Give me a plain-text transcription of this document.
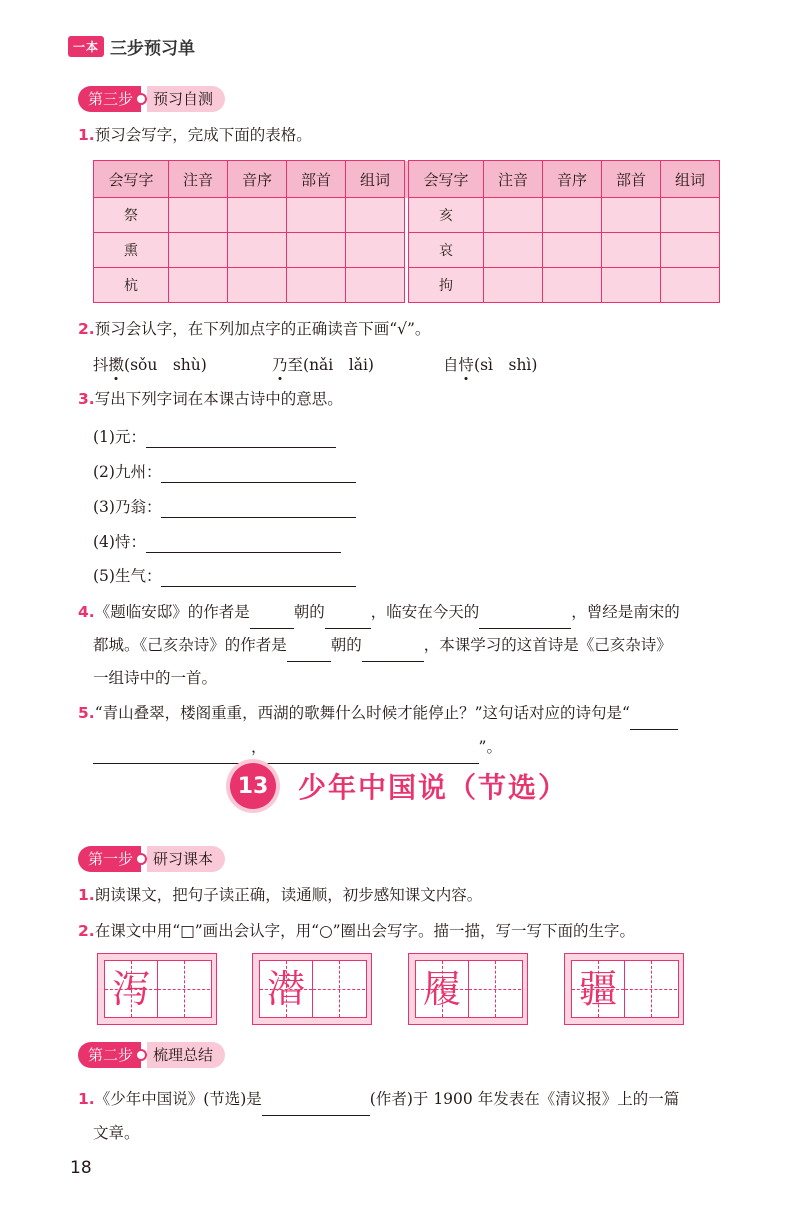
一本 三步预习单
第三步	预习自测
1.预习会写字，完成下面的表格。
会写字	注音	音序	部首	组词		会写字	注音	音序	部首	组词
祭						亥				
熏						哀				
杭						拘				
2.预习会认字，在下列加点字的正确读音下画“√”。
抖擞(sǒu　shù)	乃至(nǎi　lǎi)	自恃(sì　shì)
3.写出下列字词在本课古诗中的意思。
(1)元：
(2)九州：
(3)乃翁：
(4)恃：
(5)生气：
4.《题临安邸》的作者是	朝的	，临安在今天的	，曾经是南宋的
都城。《己亥杂诗》的作者是	朝的	，本课学习的这首诗是《己亥杂诗》
一组诗中的一首。
5.“青山叠翠，楼阁重重，西湖的歌舞什么时候才能停止？”这句话对应的诗句是“
，	”。
13 少年中国说（节选）
第一步	研习课本
1.朗读课文，把句子读正确，读通顺，初步感知课文内容。
2.在课文中用“□”画出会认字，用“○”圈出会写字。描一描，写一写下面的生字。
泻	潜	履	疆
第二步	梳理总结
1.《少年中国说》(节选)是	(作者)于 1900 年发表在《清议报》上的一篇
文章。
18
